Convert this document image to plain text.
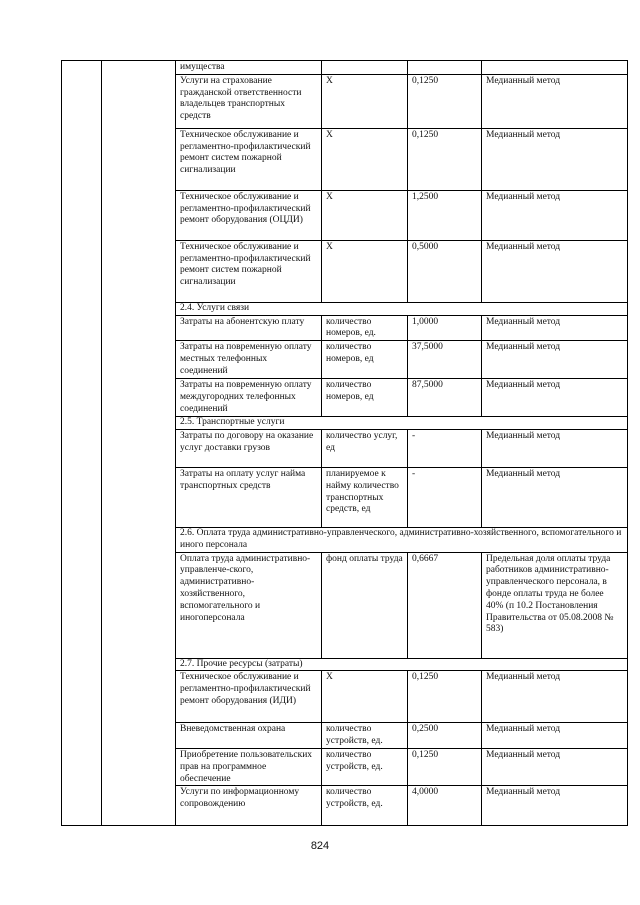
		имущества			
		Услуги на страхование гражданской ответственности владельцев транспортных средств	Х	0,1250	Медианный метод
		Техническое обслуживание и регламентно-профилактический ремонт систем пожарной сигнализации	Х	0,1250	Медианный метод
		Техническое обслуживание и регламентно-профилактический ремонт оборудования (ОЦДИ)	Х	1,2500	Медианный метод
		Техническое обслуживание и регламентно-профилактический ремонт систем пожарной сигнализации	Х	0,5000	Медианный метод
		2.4. Услуги связи			
		Затраты на абонентскую плату	количество номеров, ед.	1,0000	Медианный метод
		Затраты на повременную оплату местных телефонных соединений	количество номеров, ед	37,5000	Медианный метод
		Затраты на повременную оплату междугородних телефонных соединений	количество номеров, ед	87,5000	Медианный метод
		2.5. Транспортные услуги			
		Затраты по договору на оказание услуг доставки грузов	количество услуг, ед	-	Медианный метод
		Затраты на оплату услуг найма транспортных средств	планируемое к найму количество транспортных средств, ед	-	Медианный метод
		2.6. Оплата труда административно-управленческого, административно-хозяйственного, вспомогательного и иного персонала			
		Оплата труда административно-управленче-ского, административно-хозяйственного, вспомогательного и иногоперсонала	фонд оплаты труда	0,6667	Предельная доля оплаты труда работников административно-управленческого персонала, в фонде оплаты труда не более 40% (п 10.2 Постановления Правительства от 05.08.2008 № 583)
		2.7. Прочие ресурсы (затраты)			
		Техническое обслуживание и регламентно-профилактический ремонт оборудования (ИДИ)	Х	0,1250	Медианный метод
		Вневедомственная охрана	количество устройств, ед.	0,2500	Медианный метод
		Приобретение пользовательских прав на программное обеспечение	количество устройств, ед.	0,1250	Медианный метод
		Услуги по информационному сопровождению	количество устройств, ед.	4,0000	Медианный метод
824
